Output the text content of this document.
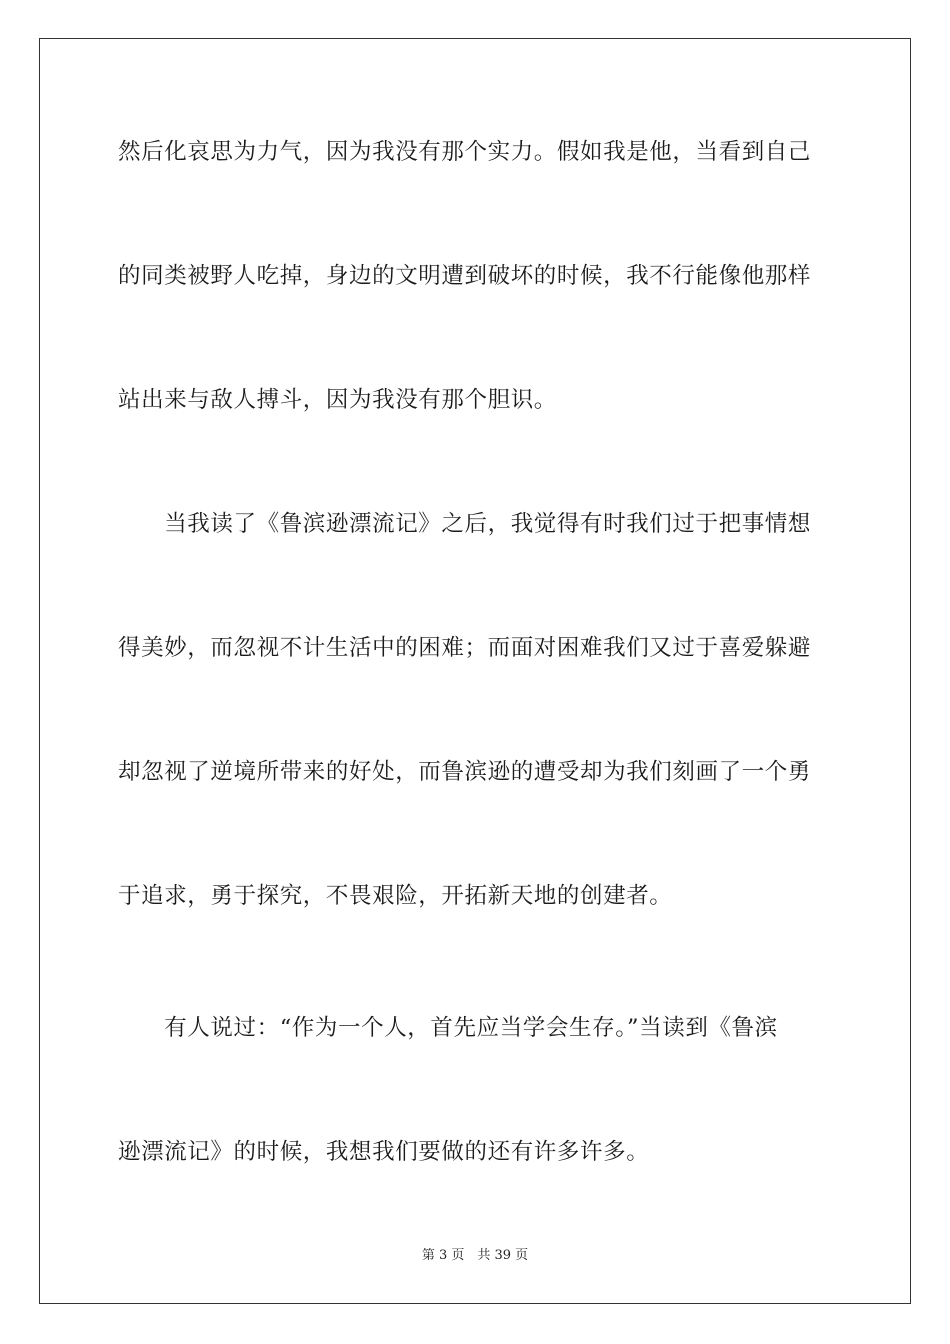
然后化哀思为力气，因为我没有那个实力。假如我是他，当看到自己
的同类被野人吃掉，身边的文明遭到破坏的时候，我不行能像他那样
站出来与敌人搏斗，因为我没有那个胆识。
　　当我读了《鲁滨逊漂流记》之后，我觉得有时我们过于把事情想
得美妙，而忽视不计生活中的困难；而面对困难我们又过于喜爱躲避
却忽视了逆境所带来的好处，而鲁滨逊的遭受却为我们刻画了一个勇
于追求，勇于探究，不畏艰险，开拓新天地的创建者。
　　有人说过：“作为一个人，首先应当学会生存。”当读到《鲁滨
逊漂流记》的时候，我想我们要做的还有许多许多。
第 3 页　共 39 页
